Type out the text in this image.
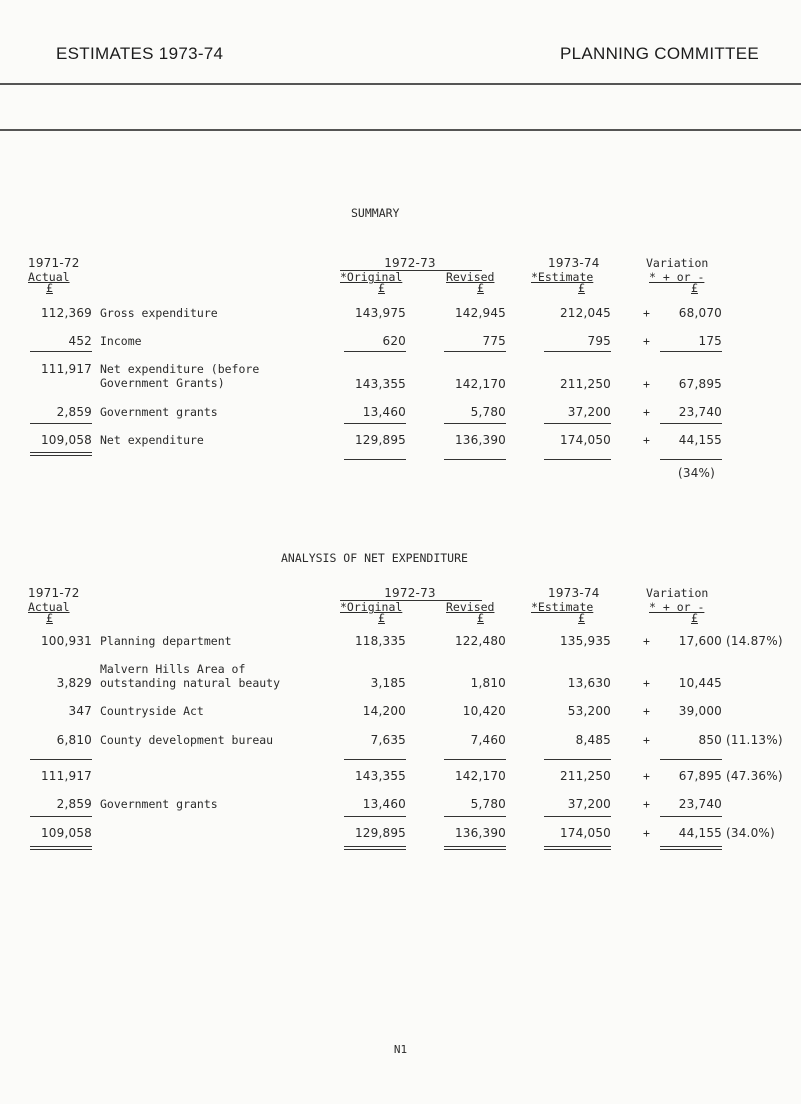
ESTIMATES 1973-74	PLANNING COMMITTEE
SUMMARY
1971-72
Actual
£
1972-73
*Original	Revised
£	£
1973-74
*Estimate
£
Variation
* + or -
£
112,369 Gross expenditure	143,975	142,945	212,045	+	68,070
452 Income	620	775	795	+	175
111,917 Net expenditure (before
Government Grants)	143,355	142,170	211,250	+	67,895
2,859 Government grants	13,460	5,780	37,200	+	23,740
109,058 Net expenditure	129,895	136,390	174,050	+	44,155
(34%)
ANALYSIS OF NET EXPENDITURE
1971-72
Actual
£
1972-73
*Original	Revised
£	£
1973-74
*Estimate
£
Variation
* + or -
£
100,931 Planning department	118,335	122,480	135,935	+	17,600 (14.87%)
3,829
Malvern Hills Area of
outstanding natural beauty	3,185	1,810	13,630	+	10,445
347 Countryside Act	14,200	10,420	53,200	+	39,000
6,810 County development bureau	7,635	7,460	8,485	+	850 (11.13%)
111,917	143,355	142,170	211,250	+	67,895 (47.36%)
2,859 Government grants	13,460	5,780	37,200	+	23,740
109,058	129,895	136,390	174,050	+	44,155 (34.0%)
N1
